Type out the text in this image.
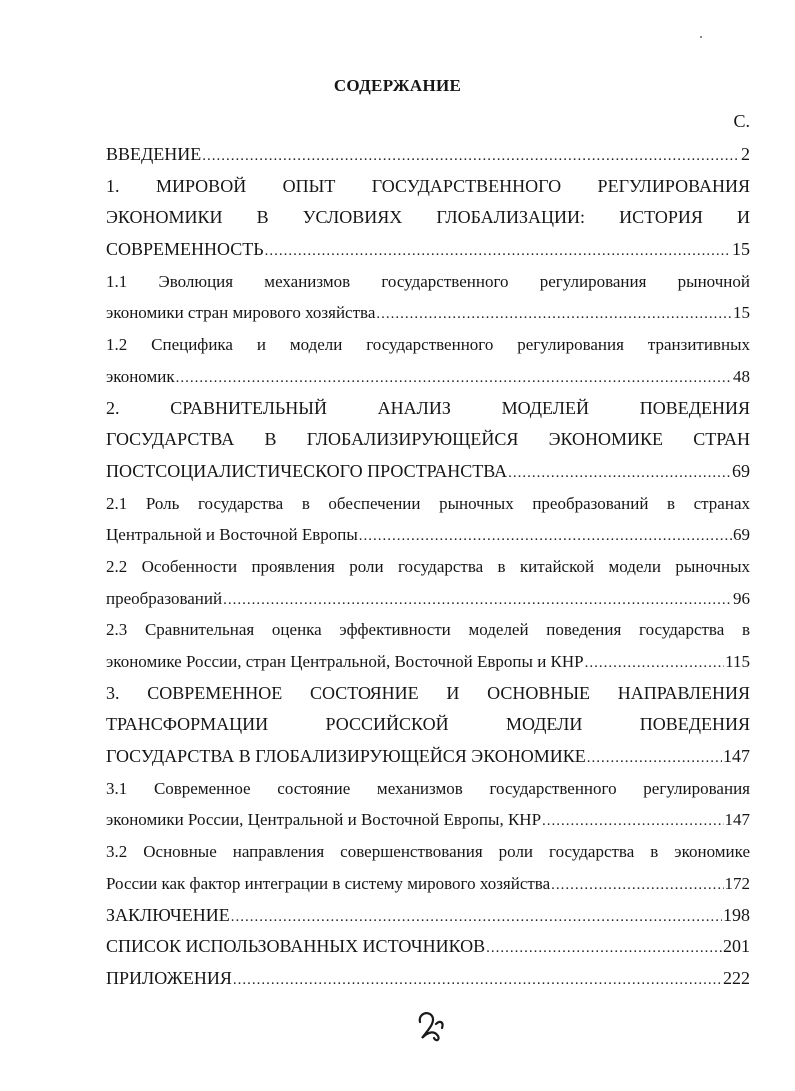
СОДЕРЖАНИЕ
С.
ВВЕДЕНИЕ .....	2
1. МИРОВОЙ ОПЫТ ГОСУДАРСТВЕННОГО РЕГУЛИРОВАНИЯ
ЭКОНОМИКИ В УСЛОВИЯХ ГЛОБАЛИЗАЦИИ: ИСТОРИЯ И
СОВРЕМЕННОСТЬ .....	15
1.1 Эволюция механизмов государственного регулирования рыночной
экономики стран мирового хозяйства .....	15
1.2 Специфика и модели государственного регулирования транзитивных
экономик .....	48
2. СРАВНИТЕЛЬНЫЙ АНАЛИЗ МОДЕЛЕЙ ПОВЕДЕНИЯ
ГОСУДАРСТВА В ГЛОБАЛИЗИРУЮЩЕЙСЯ ЭКОНОМИКЕ СТРАН
ПОСТСОЦИАЛИСТИЧЕСКОГО ПРОСТРАНСТВА .....	69
2.1 Роль государства в обеспечении рыночных преобразований в странах
Центральной и Восточной Европы .....	69
2.2 Особенности проявления роли государства в китайской модели рыночных
преобразований .....	96
2.3 Сравнительная оценка эффективности моделей поведения государства в
экономике России, стран Центральной, Восточной Европы и КНР .....	115
3. СОВРЕМЕННОЕ СОСТОЯНИЕ И ОСНОВНЫЕ НАПРАВЛЕНИЯ
ТРАНСФОРМАЦИИ РОССИЙСКОЙ МОДЕЛИ ПОВЕДЕНИЯ
ГОСУДАРСТВА В ГЛОБАЛИЗИРУЮЩЕЙСЯ ЭКОНОМИКЕ .....	147
3.1 Современное состояние механизмов государственного регулирования
экономики России, Центральной и Восточной Европы, КНР .....	147
3.2 Основные направления совершенствования роли государства в экономике
России как фактор интеграции в систему мирового хозяйства .....	172
ЗАКЛЮЧЕНИЕ .....	198
СПИСОК ИСПОЛЬЗОВАННЫХ ИСТОЧНИКОВ .....	201
ПРИЛОЖЕНИЯ .....	222
